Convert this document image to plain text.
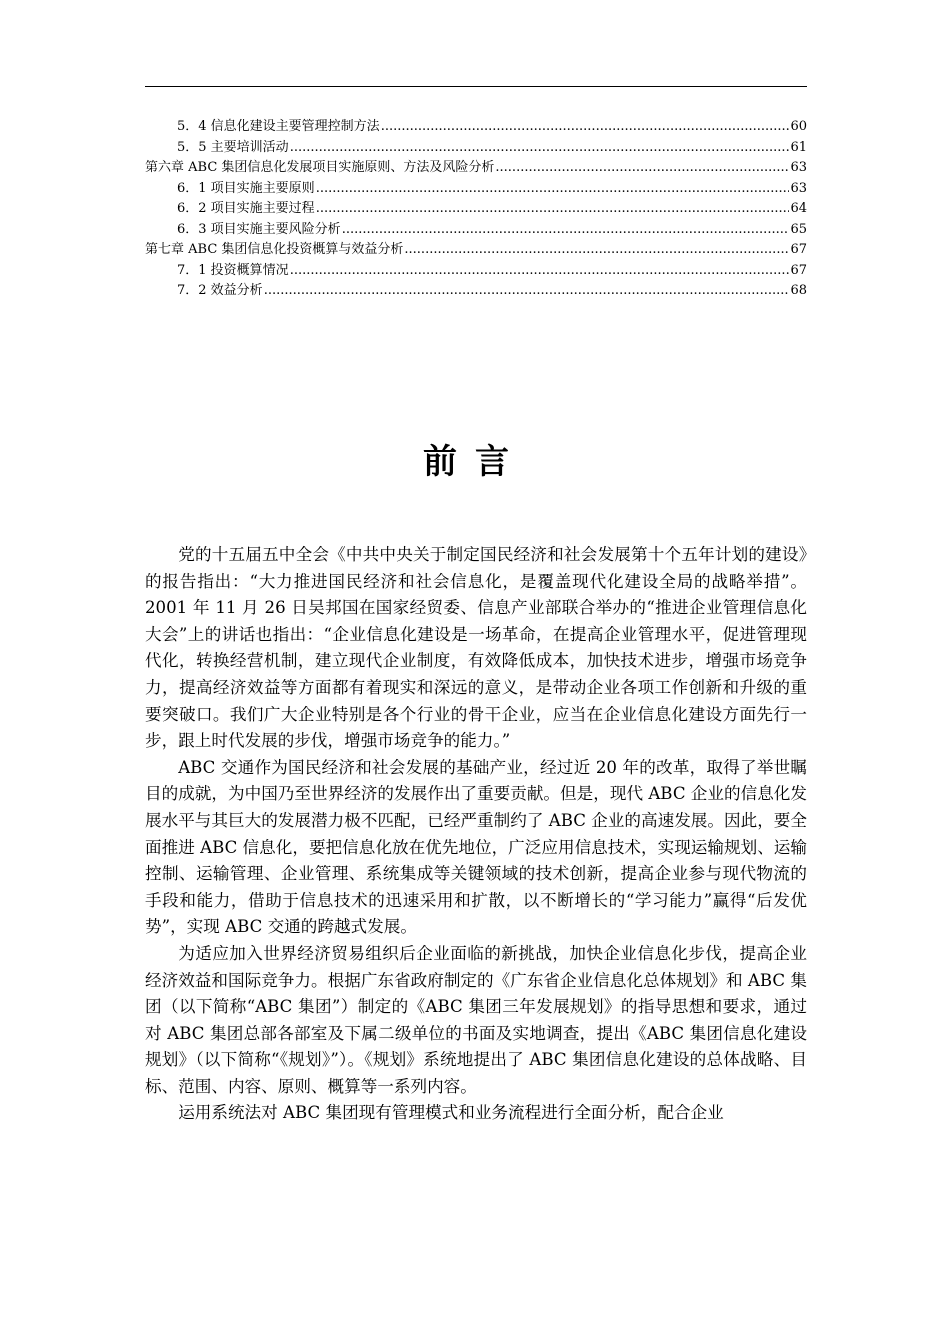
5．4 信息化建设主要管理控制方法 .....	60
5．5 主要培训活动 .....	61
第六章 ABC 集团信息化发展项目实施原则、方法及风险分析 .....	63
6．1 项目实施主要原则 .....	63
6．2 项目实施主要过程 .....	64
6．3 项目实施主要风险分析 .....	65
第七章 ABC 集团信息化投资概算与效益分析 .....	67
7．1 投资概算情况 .....	67
7．2 效益分析 .....	68
前言

党的十五届五中全会《中共中央关于制定国民经济和社会发展第十个五年计划的建设》的报告指出：“大力推进国民经济和社会信息化，是覆盖现代化建设全局的战略举措”。2001 年 11 月 26 日吴邦国在国家经贸委、信息产业部联合举办的“推进企业管理信息化大会”上的讲话也指出：“企业信息化建设是一场革命，在提高企业管理水平，促进管理现代化，转换经营机制，建立现代企业制度，有效降低成本，加快技术进步，增强市场竞争力，提高经济效益等方面都有着现实和深远的意义，是带动企业各项工作创新和升级的重要突破口。我们广大企业特别是各个行业的骨干企业，应当在企业信息化建设方面先行一步，跟上时代发展的步伐，增强市场竞争的能力。”

ABC 交通作为国民经济和社会发展的基础产业，经过近 20 年的改革，取得了举世瞩目的成就，为中国乃至世界经济的发展作出了重要贡献。但是，现代 ABC 企业的信息化发展水平与其巨大的发展潜力极不匹配，已经严重制约了 ABC 企业的高速发展。因此，要全面推进 ABC 信息化，要把信息化放在优先地位，广泛应用信息技术，实现运输规划、运输控制、运输管理、企业管理、系统集成等关键领域的技术创新，提高企业参与现代物流的手段和能力，借助于信息技术的迅速采用和扩散，以不断增长的“学习能力”赢得“后发优势”，实现 ABC 交通的跨越式发展。

为适应加入世界经济贸易组织后企业面临的新挑战，加快企业信息化步伐，提高企业经济效益和国际竞争力。根据广东省政府制定的《广东省企业信息化总体规划》和 ABC 集团（以下简称“ABC 集团”）制定的《ABC 集团三年发展规划》的指导思想和要求，通过对 ABC 集团总部各部室及下属二级单位的书面及实地调查，提出《ABC 集团信息化建设规划》（以下简称“《规划》”）。《规划》系统地提出了 ABC 集团信息化建设的总体战略、目标、范围、内容、原则、概算等一系列内容。

运用系统法对 ABC 集团现有管理模式和业务流程进行全面分析，配合企业
